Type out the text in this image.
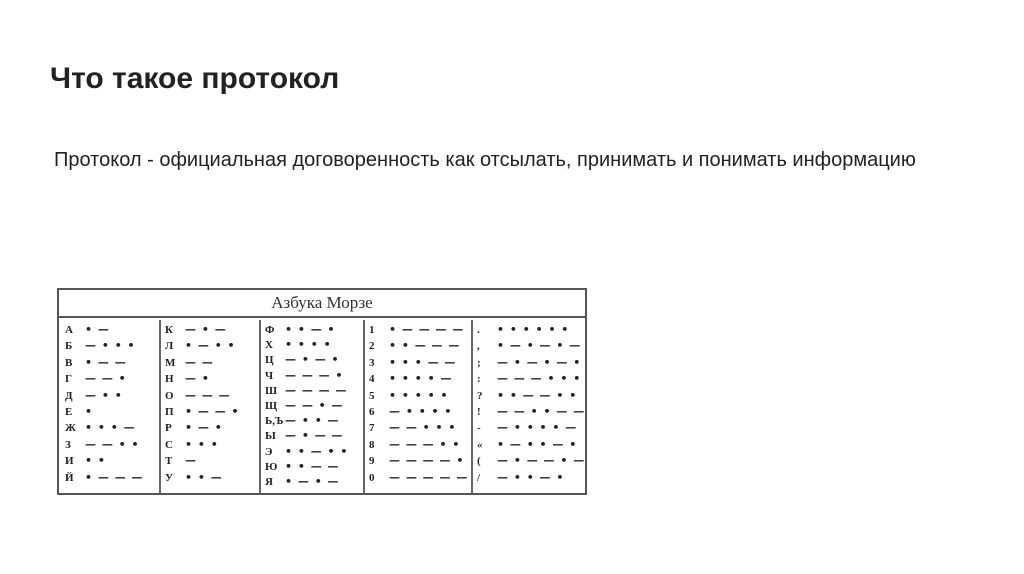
Что такое протокол

Протокол - официальная договоренность как отсылать, принимать и понимать информацию

Азбука Морзе
А • —
Б — • • •
В • — —
Г — — •
Д — • •
Е •
Ж • • • —
З — — • •
И • •
Й • — — —
К — • —
Л • — • •
М — —
Н — •
О — — —
П • — — •
Р • — •
С • • •
Т —
У • • —
Ф • • — •
Х • • • •
Ц — • — •
Ч — — — •
Ш — — — —
Щ — — • —
Ь,Ъ — • • —
Ы — • — —
Э • • — • •
Ю • • — —
Я • — • —
1 • — — — —
2 • • — — —
3 • • • — —
4 • • • • —
5 • • • • •
6 — • • • •
7 — — • • •
8 — — — • •
9 — — — — •
0 — — — — —
. • • • • • •
, • — • — • —
; — • — • — •
: — — — • • •
? • • — — • •
! — — • • — —
- — • • • • —
« • — • • — •
( — • — — • —
/ — • • — •
